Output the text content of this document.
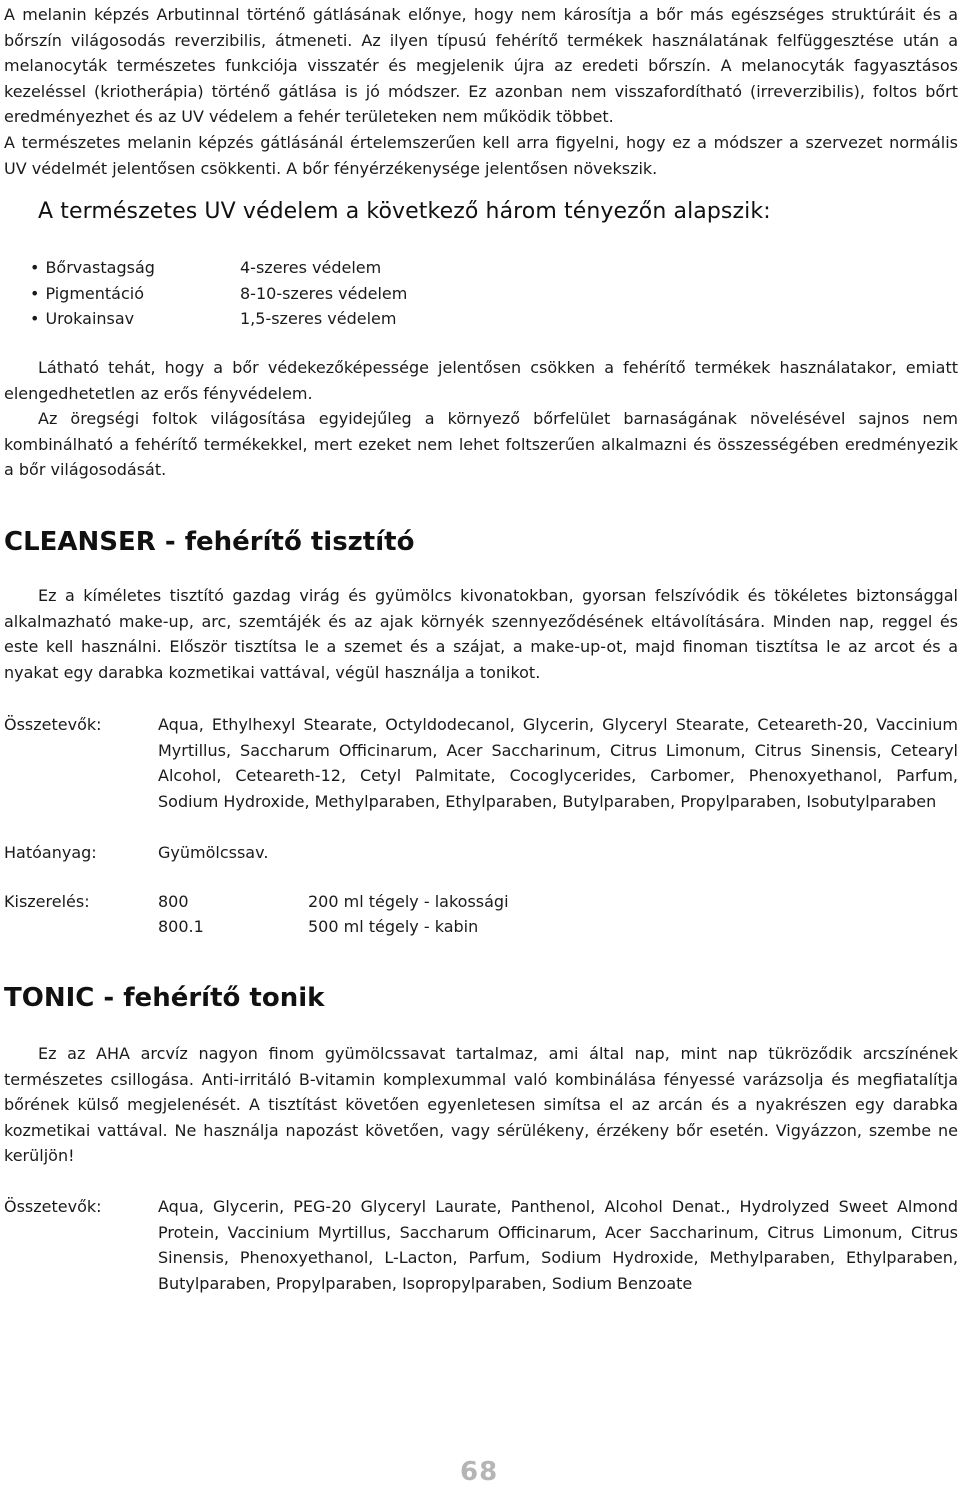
A melanin képzés Arbutinnal történő gátlásának előnye, hogy nem károsítja a bőr más egészséges struktúráit és a bőrszín világosodás reverzibilis, átmeneti. Az ilyen típusú fehérítő termékek használatának felfüggesztése után a melanocyták természetes funkciója visszatér és megjelenik újra az eredeti bőrszín. A melanocyták fagyasztásos kezeléssel (kriotherápia) történő gátlása is jó módszer. Ez azonban nem visszafordítható (irreverzibilis), foltos bőrt eredményezhet és az UV védelem a fehér területeken nem működik többet.

A természetes melanin képzés gátlásánál értelemszerűen kell arra figyelni, hogy ez a módszer a szervezet normális UV védelmét jelentősen csökkenti. A bőr fényérzékenysége jelentősen növekszik.

A természetes UV védelem a következő három tényezőn alapszik:
• Bőrvastagság	4-szeres védelem
• Pigmentáció	8-10-szeres védelem
• Urokainsav	1,5-szeres védelem

Látható tehát, hogy a bőr védekezőképessége jelentősen csökken a fehérítő termékek használatakor, emiatt elengedhetetlen az erős fényvédelem.

Az öregségi foltok világosítása egyidejűleg a környező bőrfelület barnaságának növelésével sajnos nem kombinálható a fehérítő termékekkel, mert ezeket nem lehet foltszerűen alkalmazni és összességében eredményezik a bőr világosodását.

CLEANSER - fehérítő tisztító

Ez a kíméletes tisztító gazdag virág és gyümölcs kivonatokban, gyorsan felszívódik és tökéletes biztonsággal alkalmazható make-up, arc, szemtájék és az ajak környék szennyeződésének eltávolítására. Minden nap, reggel és este kell használni. Először tisztítsa le a szemet és a szájat, a make-up-ot, majd finoman tisztítsa le az arcot és a nyakat egy darabka kozmetikai vattával, végül használja a tonikot.

Összetevők:	Aqua, Ethylhexyl Stearate, Octyldodecanol, Glycerin, Glyceryl Stearate, Ceteareth-20, Vaccinium Myrtillus, Saccharum Officinarum, Acer Saccharinum, Citrus Limonum, Citrus Sinensis, Cetearyl Alcohol, Ceteareth-12, Cetyl Palmitate, Cocoglycerides, Carbomer, Phenoxyethanol, Parfum, Sodium Hydroxide, Methylparaben, Ethylparaben, Butylparaben, Propylparaben, Isobutylparaben
Hatóanyag:	Gyümölcssav.
Kiszerelés:	800	200 ml tégely - lakossági
800.1	500 ml tégely - kabin
TONIC - fehérítő tonik

Ez az AHA arcvíz nagyon finom gyümölcssavat tartalmaz, ami által nap, mint nap tükröződik arcszínének természetes csillogása. Anti-irritáló B-vitamin komplexummal való kombinálása fényessé varázsolja és megfiatalítja bőrének külső megjelenését. A tisztítást követően egyenletesen simítsa el az arcán és a nyakrészen egy darabka kozmetikai vattával. Ne használja napozást követően, vagy sérülékeny, érzékeny bőr esetén. Vigyázzon, szembe ne kerüljön!

Összetevők:	Aqua, Glycerin, PEG-20 Glyceryl Laurate, Panthenol, Alcohol Denat., Hydrolyzed Sweet Almond Protein, Vaccinium Myrtillus, Saccharum Officinarum, Acer Saccharinum, Citrus Limonum, Citrus Sinensis, Phenoxyethanol, L-Lacton, Parfum, Sodium Hydroxide, Methylparaben, Ethylparaben, Butylparaben, Propylparaben, Isopropylparaben, Sodium Benzoate
68
